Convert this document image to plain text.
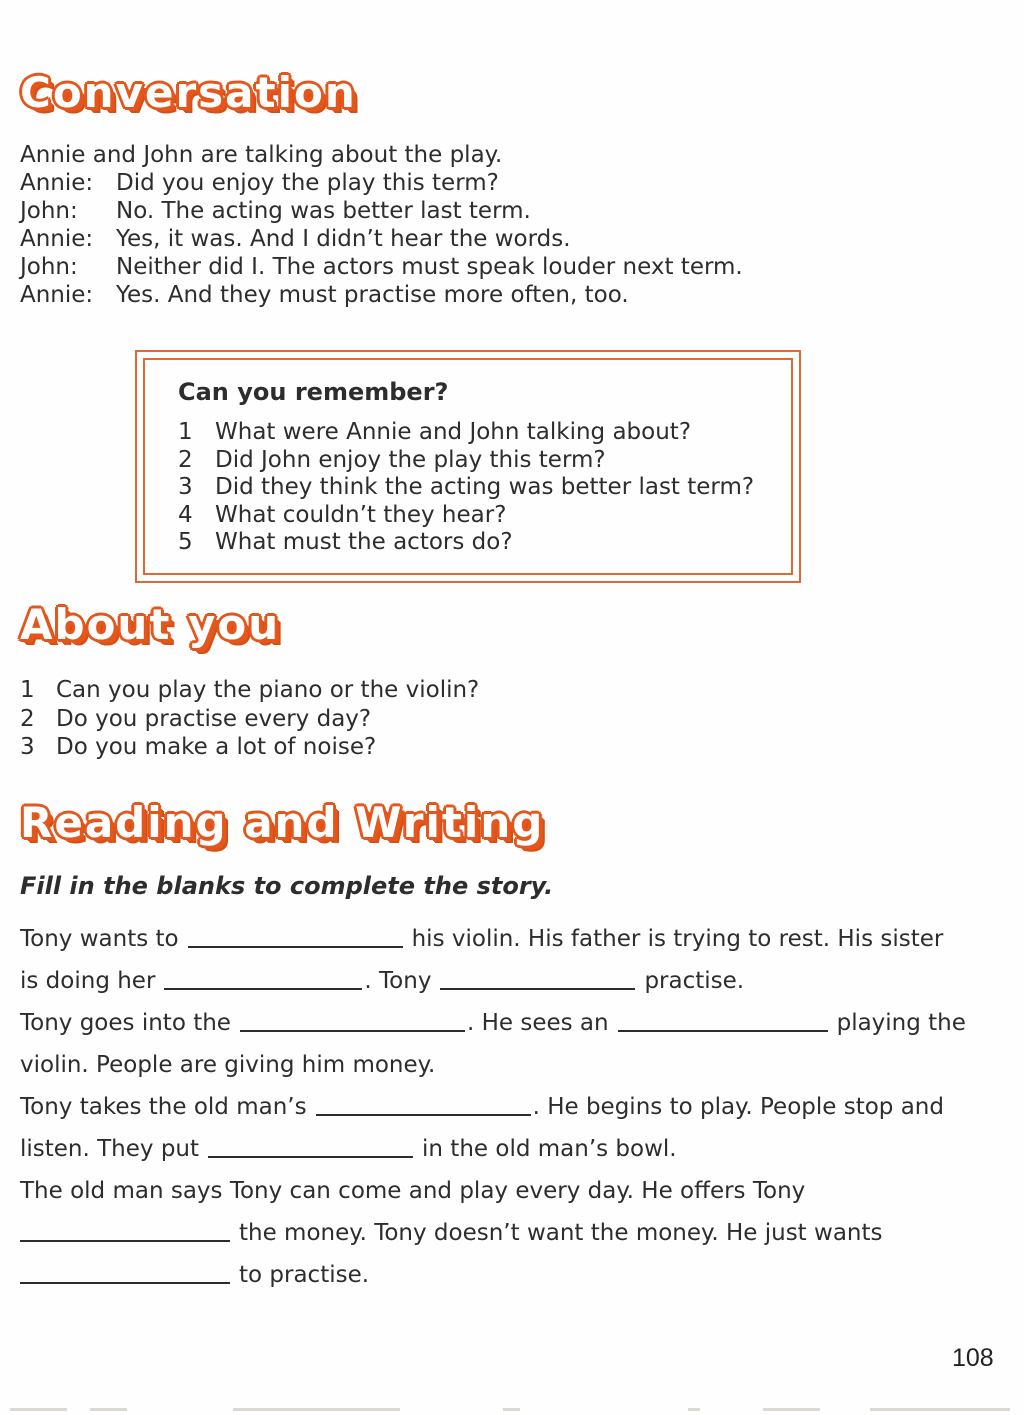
Conversation
Annie and John are talking about the play.
Annie: Did you enjoy the play this term?
John:	No. The acting was better last term.
Annie: Yes, it was. And I didn’t hear the words.
John:	Neither did I. The actors must speak louder next term.
Annie: Yes. And they must practise more often, too.
Can you remember?
1 What were Annie and John talking about?
2 Did John enjoy the play this term?
3 Did they think the acting was better last term?
4 What couldn’t they hear?
5 What must the actors do?
About you
1 Can you play the piano or the violin?
2 Do you practise every day?
3 Do you make a lot of noise?
Reading and Writing
Fill in the blanks to complete the story.
Tony wants to	his violin. His father is trying to rest. His sister
is doing her	. Tony	practise.
Tony goes into the	. He sees an	playing the
violin. People are giving him money.
Tony takes the old man’s	. He begins to play. People stop and
listen. They put	in the old man’s bowl.
The old man says Tony can come and play every day. He offers Tony
the money. Tony doesn’t want the money. He just wants
to practise.
108
